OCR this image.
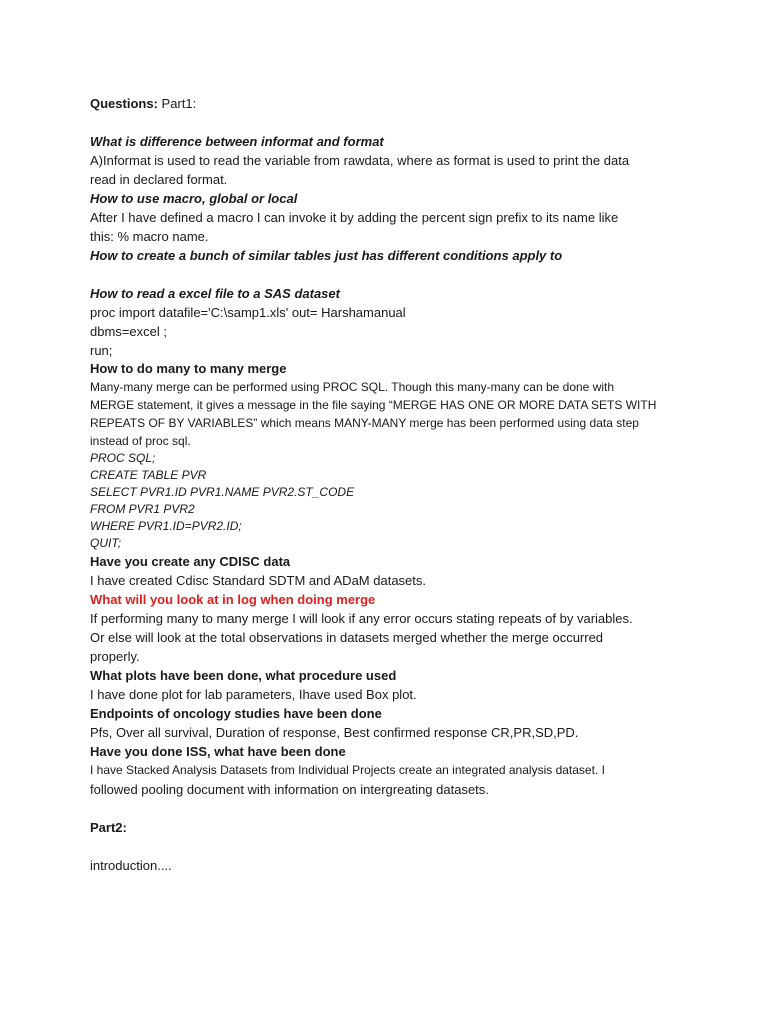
Questions: Part1:
What is difference between informat and format
A)Informat is used to read the variable from rawdata, where as format is used to print the data
read in declared format.
How to use macro, global or local
After I have defined a macro I can invoke it by adding the percent sign prefix to its name like
this: % macro name.
How to create a bunch of similar tables just has different conditions apply to
How to read a excel file to a SAS dataset
proc import datafile='C:\samp1.xls' out= Harshamanual
dbms=excel ;
run;
How to do many to many merge
Many-many merge can be performed using PROC SQL. Though this many-many can be done with
MERGE statement, it gives a message in the file saying “MERGE HAS ONE OR MORE DATA SETS WITH
REPEATS OF BY VARIABLES” which means MANY-MANY merge has been performed using data step
instead of proc sql.
PROC SQL;
CREATE TABLE PVR
SELECT PVR1.ID PVR1.NAME PVR2.ST_CODE
FROM PVR1 PVR2
WHERE PVR1.ID=PVR2.ID;
QUIT;
Have you create any CDISC data
I have created Cdisc Standard SDTM and ADaM datasets.
What will you look at in log when doing merge
If performing many to many merge I will look if any error occurs stating repeats of by variables.
Or else will look at the total observations in datasets merged whether the merge occurred
properly.
What plots have been done, what procedure used
I have done plot for lab parameters, Ihave used Box plot.
Endpoints of oncology studies have been done
Pfs, Over all survival, Duration of response, Best confirmed response CR,PR,SD,PD.
Have you done ISS, what have been done
I have Stacked Analysis Datasets from Individual Projects create an integrated analysis dataset. I
followed pooling document with information on intergreating datasets.
Part2:
introduction....
